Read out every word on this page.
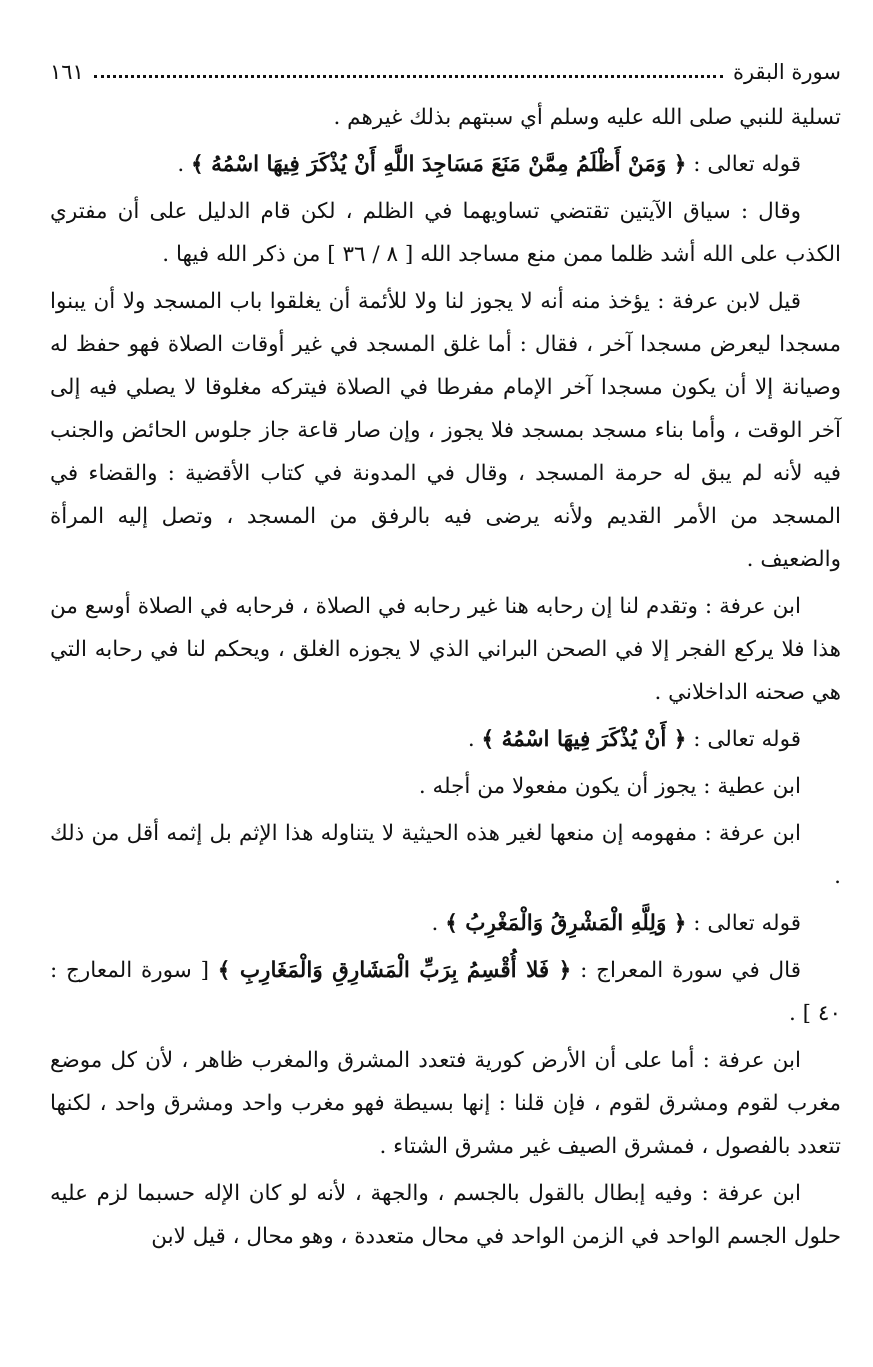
سورة البقرة
١٦١

تسلية للنبي صلى الله عليه وسلم أي سبتهم بذلك غيرهم .

قوله تعالى : ﴿ وَمَنْ أَظْلَمُ مِمَّنْ مَنَعَ مَسَاجِدَ اللَّهِ أَنْ يُذْكَرَ فِيهَا اسْمُهُ ﴾ .

وقال : سياق الآيتين تقتضي تساويهما في الظلم ، لكن قام الدليل على أن مفتري الكذب على الله أشد ظلما ممن منع مساجد الله [ ٨ / ٣٦ ] من ذكر الله فيها .

قيل لابن عرفة : يؤخذ منه أنه لا يجوز لنا ولا للأئمة أن يغلقوا باب المسجد ولا أن يبنوا مسجدا ليعرض مسجدا آخر ، فقال : أما غلق المسجد في غير أوقات الصلاة فهو حفظ له وصيانة إلا أن يكون مسجدا آخر الإمام مفرطا في الصلاة فيتركه مغلوقا لا يصلي فيه إلى آخر الوقت ، وأما بناء مسجد بمسجد فلا يجوز ، وإن صار قاعة جاز جلوس الحائض والجنب فيه لأنه لم يبق له حرمة المسجد ، وقال في المدونة في كتاب الأقضية : والقضاء في المسجد من الأمر القديم ولأنه يرضى فيه بالرفق من المسجد ، وتصل إليه المرأة والضعيف .

ابن عرفة : وتقدم لنا إن رحابه هنا غير رحابه في الصلاة ، فرحابه في الصلاة أوسع من هذا فلا يركع الفجر إلا في الصحن البراني الذي لا يجوزه الغلق ، ويحكم لنا في رحابه التي هي صحنه الداخلاني .

قوله تعالى : ﴿ أَنْ يُذْكَرَ فِيهَا اسْمُهُ ﴾ .

ابن عطية : يجوز أن يكون مفعولا من أجله .

ابن عرفة : مفهومه إن منعها لغير هذه الحيثية لا يتناوله هذا الإثم بل إثمه أقل من ذلك .

قوله تعالى : ﴿ وَلِلَّهِ الْمَشْرِقُ وَالْمَغْرِبُ ﴾ .

قال في سورة المعراج : ﴿ فَلا أُقْسِمُ بِرَبِّ الْمَشَارِقِ وَالْمَغَارِبِ ﴾ [ سورة المعارج : ٤٠ ] .

ابن عرفة : أما على أن الأرض كورية فتعدد المشرق والمغرب ظاهر ، لأن كل موضع مغرب لقوم ومشرق لقوم ، فإن قلنا : إنها بسيطة فهو مغرب واحد ومشرق واحد ، لكنها تتعدد بالفصول ، فمشرق الصيف غير مشرق الشتاء .

ابن عرفة : وفيه إبطال بالقول بالجسم ، والجهة ، لأنه لو كان الإله حسبما لزم عليه حلول الجسم الواحد في الزمن الواحد في محال متعددة ، وهو محال ، قيل لابن
